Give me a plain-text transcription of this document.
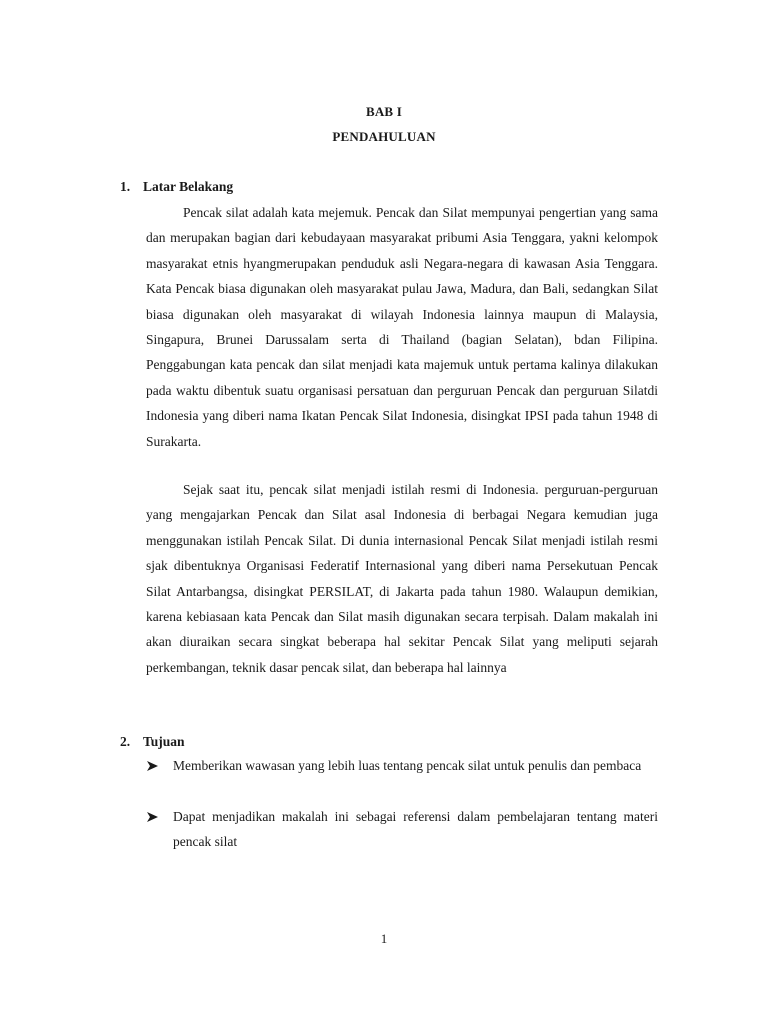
BAB I
PENDAHULUAN
1. Latar Belakang

Pencak silat adalah kata mejemuk. Pencak dan Silat mempunyai pengertian yang sama dan merupakan bagian dari kebudayaan masyarakat pribumi Asia Tenggara, yakni kelompok masyarakat etnis hyangmerupakan penduduk asli Negara-negara di kawasan Asia Tenggara. Kata Pencak biasa digunakan oleh masyarakat pulau Jawa, Madura, dan Bali, sedangkan Silat biasa digunakan oleh masyarakat di wilayah Indonesia lainnya maupun di Malaysia, Singapura, Brunei Darussalam serta di Thailand (bagian Selatan), bdan Filipina. Penggabungan kata pencak dan silat menjadi kata majemuk untuk pertama kalinya dilakukan pada waktu dibentuk suatu organisasi persatuan dan perguruan Pencak dan perguruan Silatdi Indonesia yang diberi nama Ikatan Pencak Silat Indonesia, disingkat IPSI pada tahun 1948 di Surakarta.

Sejak saat itu, pencak silat menjadi istilah resmi di Indonesia. perguruan-perguruan yang mengajarkan Pencak dan Silat asal Indonesia di berbagai Negara kemudian juga menggunakan istilah Pencak Silat. Di dunia internasional Pencak Silat menjadi istilah resmi sjak dibentuknya Organisasi Federatif Internasional yang diberi nama Persekutuan Pencak Silat Antarbangsa, disingkat PERSILAT, di Jakarta pada tahun 1980. Walaupun demikian, karena kebiasaan kata Pencak dan Silat masih digunakan secara terpisah. Dalam makalah ini akan diuraikan secara singkat beberapa hal sekitar Pencak Silat yang meliputi sejarah perkembangan, teknik dasar pencak silat, dan beberapa hal lainnya

2. Tujuan
Memberikan wawasan yang lebih luas tentang pencak silat untuk penulis dan pembaca
Dapat menjadikan makalah ini sebagai referensi dalam pembelajaran tentang materi pencak silat
1
